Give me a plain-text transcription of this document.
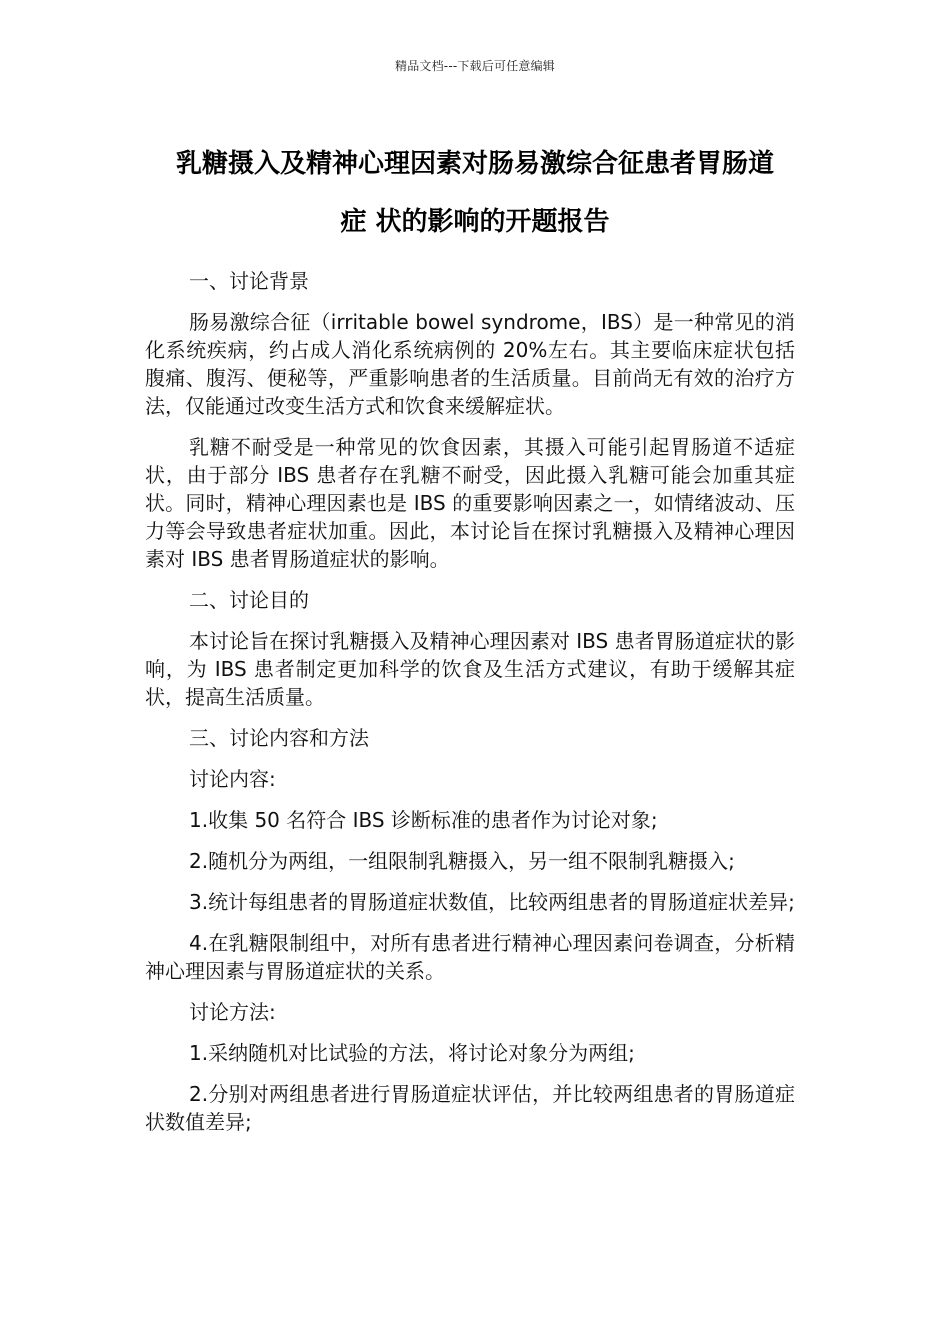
精品文档---下载后可任意编辑
乳糖摄入及精神心理因素对肠易激综合征患者胃肠道
症 状的影响的开题报告

一、讨论背景

肠易激综合征（irritable bowel syndrome，IBS）是一种常见的消化系统疾病，约占成人消化系统病例的 20%左右。其主要临床症状包括腹痛、腹泻、便秘等，严重影响患者的生活质量。目前尚无有效的治疗方法，仅能通过改变生活方式和饮食来缓解症状。

乳糖不耐受是一种常见的饮食因素，其摄入可能引起胃肠道不适症状，由于部分 IBS 患者存在乳糖不耐受，因此摄入乳糖可能会加重其症状。同时，精神心理因素也是 IBS 的重要影响因素之一，如情绪波动、压力等会导致患者症状加重。因此，本讨论旨在探讨乳糖摄入及精神心理因素对 IBS 患者胃肠道症状的影响。

二、讨论目的

本讨论旨在探讨乳糖摄入及精神心理因素对 IBS 患者胃肠道症状的影响，为 IBS 患者制定更加科学的饮食及生活方式建议，有助于缓解其症状，提高生活质量。

三、讨论内容和方法

讨论内容:

1.收集 50 名符合 IBS 诊断标准的患者作为讨论对象;

2.随机分为两组，一组限制乳糖摄入，另一组不限制乳糖摄入;

3.统计每组患者的胃肠道症状数值，比较两组患者的胃肠道症状差异;

4.在乳糖限制组中，对所有患者进行精神心理因素问卷调查，分析精神心理因素与胃肠道症状的关系。

讨论方法:

1.采纳随机对比试验的方法，将讨论对象分为两组;

2.分别对两组患者进行胃肠道症状评估，并比较两组患者的胃肠道症状数值差异;
